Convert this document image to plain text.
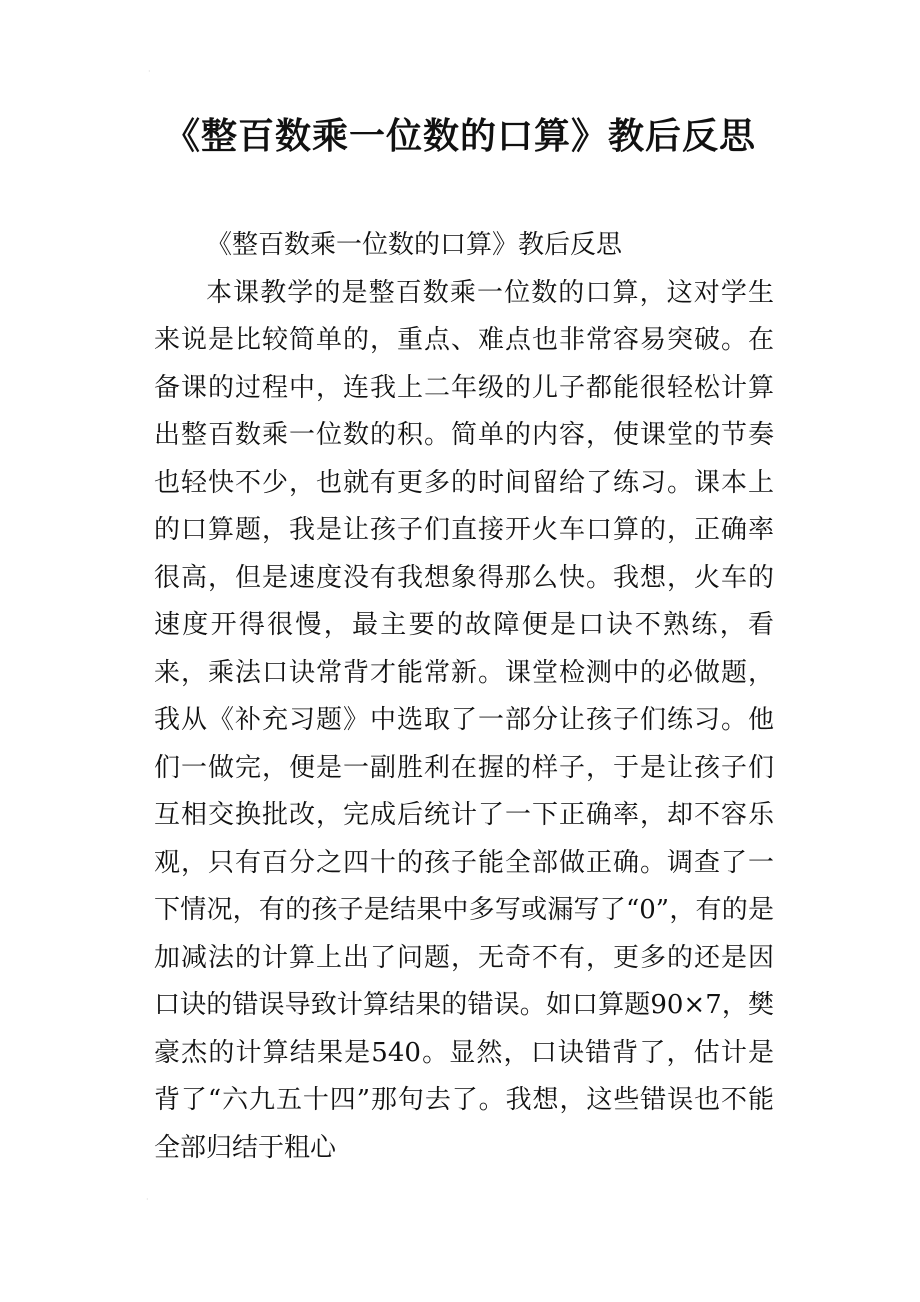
·
《整百数乘一位数的口算》教后反思

《整百数乘一位数的口算》教后反思

本课教学的是整百数乘一位数的口算，这对学生来说是比较简单的，重点、难点也非常容易突破。在备课的过程中，连我上二年级的儿子都能很轻松计算出整百数乘一位数的积。简单的内容，使课堂的节奏也轻快不少，也就有更多的时间留给了练习。课本上的口算题，我是让孩子们直接开火车口算的，正确率很高，但是速度没有我想象得那么快。我想，火车的速度开得很慢，最主要的故障便是口诀不熟练，看来，乘法口诀常背才能常新。课堂检测中的必做题，我从《补充习题》中选取了一部分让孩子们练习。他们一做完，便是一副胜利在握的样子，于是让孩子们互相交换批改，完成后统计了一下正确率，却不容乐观，只有百分之四十的孩子能全部做正确。调查了一下情况，有的孩子是结果中多写或漏写了“0”，有的是加减法的计算上出了问题，无奇不有，更多的还是因口诀的错误导致计算结果的错误。如口算题90×7，樊豪杰的计算结果是540。显然，口诀错背了，估计是背了“六九五十四”那句去了。我想，这些错误也不能全部归结于粗心

·
